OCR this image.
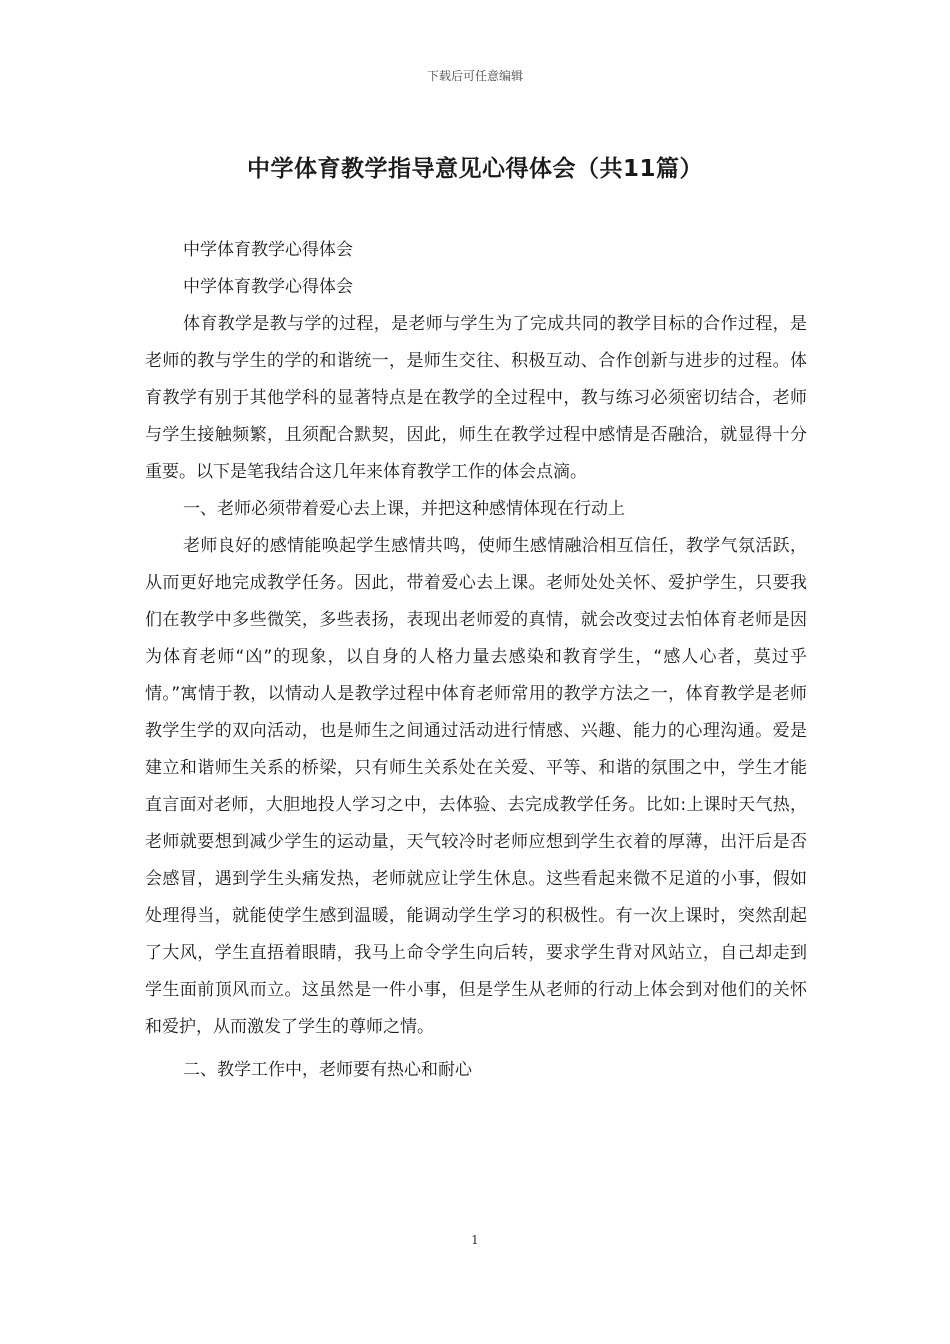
下载后可任意编辑
中学体育教学指导意见心得体会（共11篇）

中学体育教学心得体会

中学体育教学心得体会

体育教学是教与学的过程，是老师与学生为了完成共同的教学目标的合作过程，是老师的教与学生的学的和谐统一，是师生交往、积极互动、合作创新与进步的过程。体育教学有别于其他学科的显著特点是在教学的全过程中，教与练习必须密切结合，老师与学生接触频繁，且须配合默契，因此，师生在教学过程中感情是否融洽，就显得十分重要。以下是笔我结合这几年来体育教学工作的体会点滴。

一、老师必须带着爱心去上课，并把这种感情体现在行动上

老师良好的感情能唤起学生感情共鸣，使师生感情融洽相互信任，教学气氛活跃，从而更好地完成教学任务。因此，带着爱心去上课。老师处处关怀、爱护学生，只要我们在教学中多些微笑，多些表扬，表现出老师爱的真情，就会改变过去怕体育老师是因为体育老师“凶”的现象，以自身的人格力量去感染和教育学生，“感人心者，莫过乎情。”寓情于教，以情动人是教学过程中体育老师常用的教学方法之一，体育教学是老师教学生学的双向活动，也是师生之间通过活动进行情感、兴趣、能力的心理沟通。爱是建立和谐师生关系的桥梁，只有师生关系处在关爱、平等、和谐的氛围之中，学生才能直言面对老师，大胆地投人学习之中，去体验、去完成教学任务。比如:上课时天气热，老师就要想到减少学生的运动量，天气较冷时老师应想到学生衣着的厚薄，出汗后是否会感冒，遇到学生头痛发热，老师就应让学生休息。这些看起来微不足道的小事，假如处理得当，就能使学生感到温暖，能调动学生学习的积极性。有一次上课时，突然刮起了大风，学生直捂着眼睛，我马上命令学生向后转，要求学生背对风站立，自己却走到学生面前顶风而立。这虽然是一件小事，但是学生从老师的行动上体会到对他们的关怀和爱护，从而激发了学生的尊师之情。

二、教学工作中，老师要有热心和耐心

1
